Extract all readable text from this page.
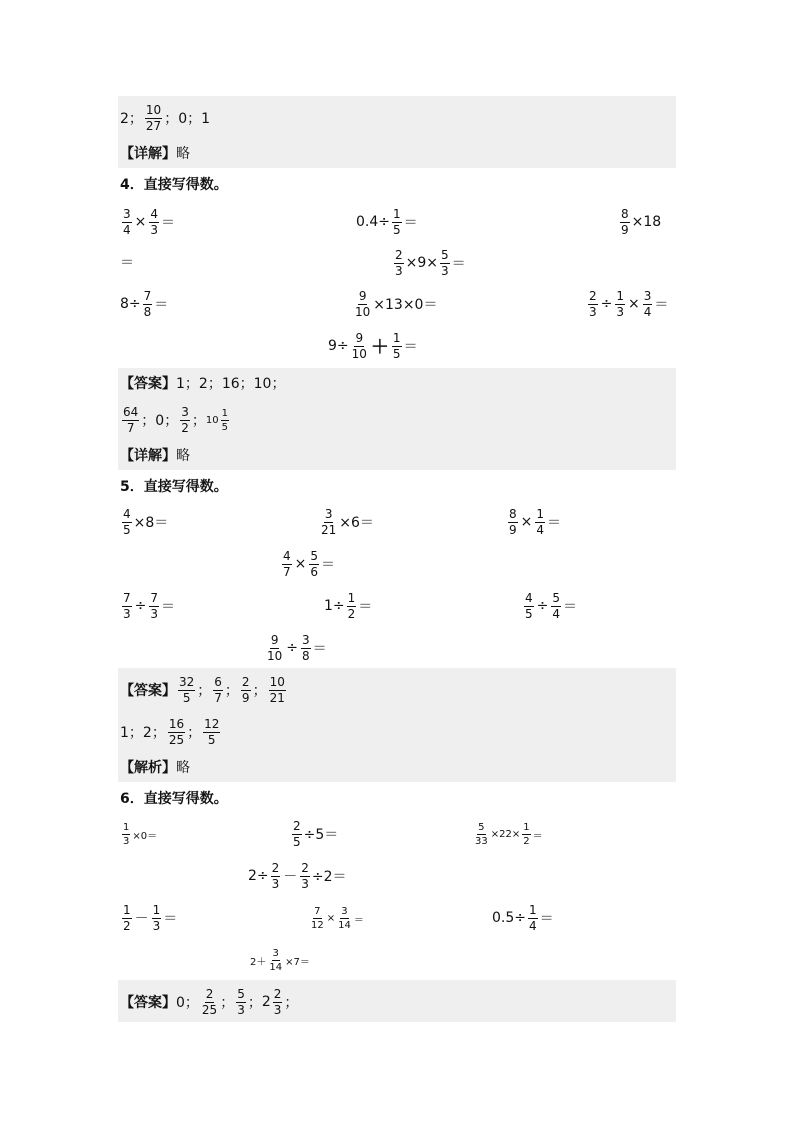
2； $\frac{10}{27}$ ；0；1
【详解】 略
4．直接写得数。
$\frac{3}{4} \times \frac{4}{3}$ ＝	$0.4\div \frac{1}{5}$ ＝	$\frac{8}{9} \times 18$
＝	$\frac{2}{3} \times 9\times \frac{5}{3}$ ＝
$8\div \frac{7}{8}$ ＝	$\frac{9}{10} \times 13\times 0=$	$\frac{2}{3} \div \frac{1}{3} \times \frac{3}{4}$ ＝
$9\div \frac{9}{10} + \frac{1}{5}$ ＝
【答案】 1；2；16；10；
$\frac{64}{7}$ ；0； $\frac{3}{2}$ ； $10 \frac{1}{5}$
【详解】 略
5．直接写得数。
$\frac{4}{5} \times 8=$	$\frac{3}{21} \times 6=$	$\frac{8}{9} \times \frac{1}{4}$ ＝
$\frac{4}{7} \times \frac{5}{6}$ ＝
$\frac{7}{3} \div \frac{7}{3}$ ＝	$1\div \frac{1}{2}$ ＝	$\frac{4}{5} \div \frac{5}{4}$ ＝
$\frac{9}{10} \div \frac{3}{8}$ ＝
【答案】 $\frac{32}{5}$ ； $\frac{6}{7}$ ； $\frac{2}{9}$ ； $\frac{10}{21}$
1；2； $\frac{16}{25}$ ； $\frac{12}{5}$
【解析】 略
6．直接写得数。
$\frac{1}{3} \times 0=$	$\frac{2}{5} \div 5=$	$\frac{5}{33} \times 22\times \frac{1}{2}$ ＝
$2\div \frac{2}{3} - \frac{2}{3} \div 2=$
$\frac{1}{2} - \frac{1}{3}$ ＝	$\frac{7}{12} \times \frac{3}{14}$ ＝	$0.5\div \frac{1}{4}$ ＝
$2+ \frac{3}{14} \times 7=$
【答案】 0； $\frac{2}{25}$ ； $\frac{5}{3}$ ； $2 \frac{2}{3}$ ；
